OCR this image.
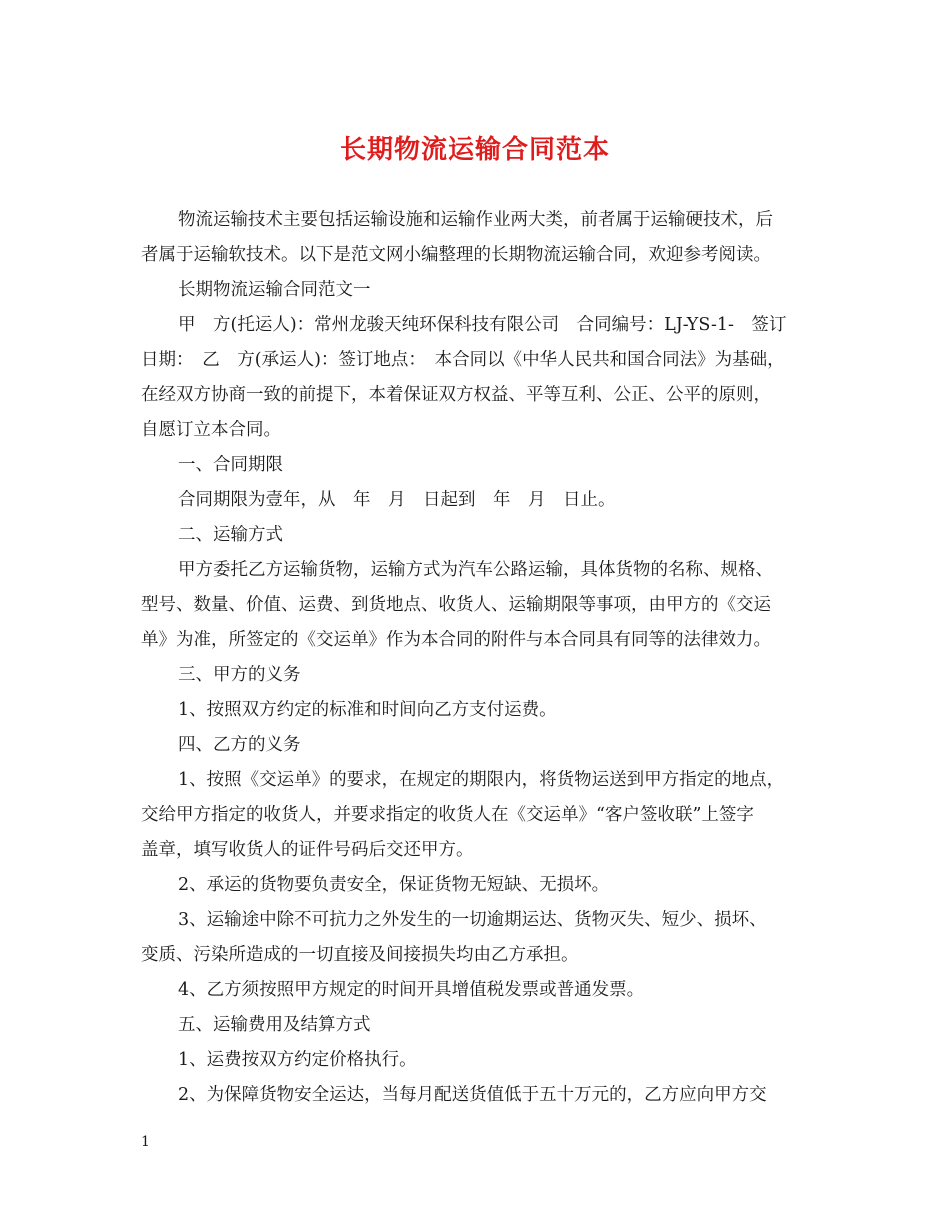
长期物流运输合同范本

物流运输技术主要包括运输设施和运输作业两大类，前者属于运输硬技术，后

者属于运输软技术。以下是范文网小编整理的长期物流运输合同，欢迎参考阅读。

长期物流运输合同范文一

甲　方(托运人)：常州龙骏天纯环保科技有限公司　合同编号：LJ-YS-1-　签订

日期：　乙　方(承运人)：签订地点：　本合同以《中华人民共和国合同法》为基础，

在经双方协商一致的前提下，本着保证双方权益、平等互利、公正、公平的原则，

自愿订立本合同。

一、合同期限

合同期限为壹年，从　年　月　日起到　年　月　日止。

二、运输方式

甲方委托乙方运输货物，运输方式为汽车公路运输，具体货物的名称、规格、

型号、数量、价值、运费、到货地点、收货人、运输期限等事项，由甲方的《交运

单》为准，所签定的《交运单》作为本合同的附件与本合同具有同等的法律效力。

三、甲方的义务

1、按照双方约定的标准和时间向乙方支付运费。

四、乙方的义务

1、按照《交运单》的要求，在规定的期限内，将货物运送到甲方指定的地点，

交给甲方指定的收货人，并要求指定的收货人在《交运单》“客户签收联”上签字

盖章，填写收货人的证件号码后交还甲方。

2、承运的货物要负责安全，保证货物无短缺、无损坏。

3、运输途中除不可抗力之外发生的一切逾期运达、货物灭失、短少、损坏、

变质、污染所造成的一切直接及间接损失均由乙方承担。

4、乙方须按照甲方规定的时间开具增值税发票或普通发票。

五、运输费用及结算方式

1、运费按双方约定价格执行。

2、为保障货物安全运达，当每月配送货值低于五十万元的，乙方应向甲方交

1
